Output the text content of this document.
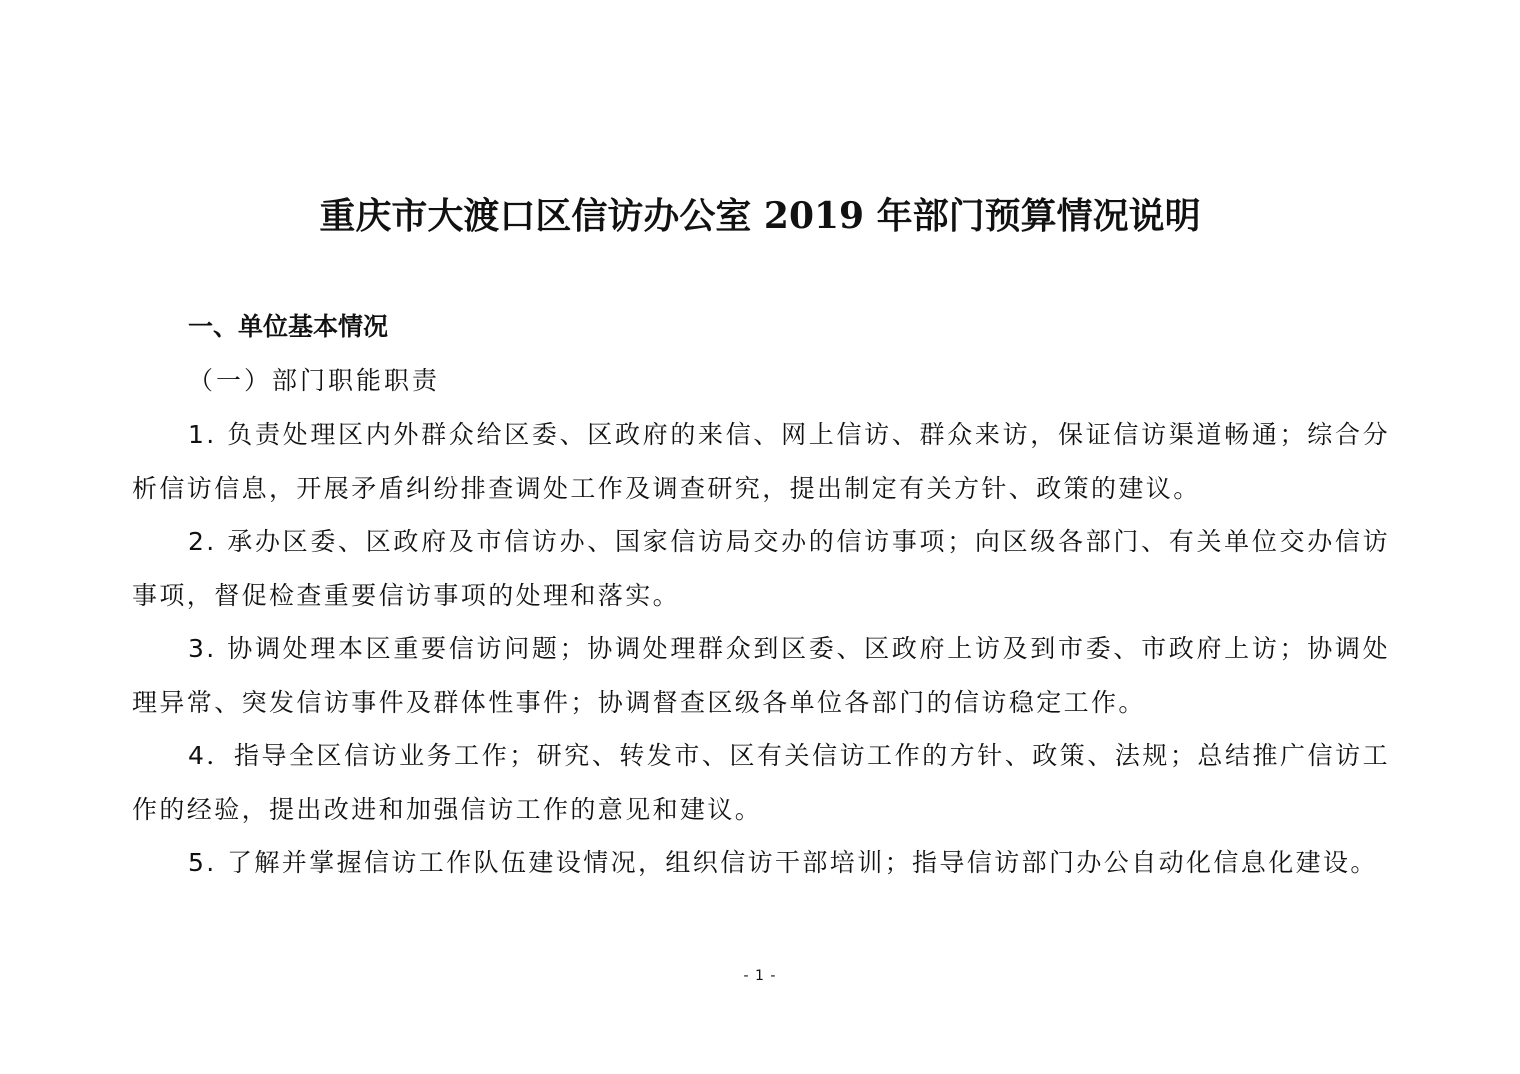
重庆市大渡口区信访办公室 2019 年部门预算情况说明
一、单位基本情况
（一）部门职能职责

1. 负责处理区内外群众给区委、区政府的来信、网上信访、群众来访，保证信访渠道畅通；综合分析信访信息，开展矛盾纠纷排查调处工作及调查研究，提出制定有关方针、政策的建议。

2. 承办区委、区政府及市信访办、国家信访局交办的信访事项；向区级各部门、有关单位交办信访事项，督促检查重要信访事项的处理和落实。

3. 协调处理本区重要信访问题；协调处理群众到区委、区政府上访及到市委、市政府上访；协调处理异常、突发信访事件及群体性事件；协调督查区级各单位各部门的信访稳定工作。

4．指导全区信访业务工作；研究、转发市、区有关信访工作的方针、政策、法规；总结推广信访工作的经验，提出改进和加强信访工作的意见和建议。

5. 了解并掌握信访工作队伍建设情况，组织信访干部培训；指导信访部门办公自动化信息化建设。

- 1 -
